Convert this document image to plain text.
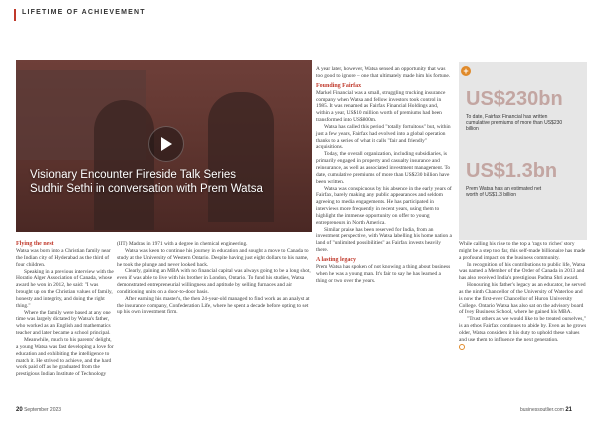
LIFETIME OF ACHIEVEMENT
Visionary Encounter Fireside Talk Series
Sudhir Sethi in conversation with Prem Watsa
Flying the nest

Watsa was born into a Christian family near the Indian city of Hyderabad as the third of four children.

Speaking in a previous interview with the Horatio Alger Association of Canada, whose award he won in 2012, he said: "I was brought up on the Christian values of family, honesty and integrity, and doing the right thing."

Where the family were based at any one time was largely dictated by Watsa's father, who worked as an English and mathematics teacher and later became a school principal.

Meanwhile, much to his parents' delight, a young Watsa was fast developing a love for education and exhibiting the intelligence to match it. He strived to achieve, and the hard work paid off as he graduated from the prestigious Indian Institute of Technology

(IIT) Madras in 1971 with a degree in chemical engineering.

Watsa was keen to continue his journey in education and sought a move to Canada to study at the University of Western Ontario. Despite having just eight dollars to his name, he took the plunge and never looked back.

Clearly, gaining an MBA with no financial capital was always going to be a long shot, even if was able to live with his brother in London, Ontario. To fund his studies, Watsa demonstrated entrepreneurial willingness and aptitude by selling furnaces and air conditioning units on a door-to-door basis.

After earning his master's, the then 24-year-old managed to find work as an analyst at the insurance company, Confederation Life, where he spent a decade before opting to set up his own investment firm.

A year later, however, Watsa sensed an opportunity that was too good to ignore – one that ultimately made him his fortune.

Founding Fairfax

Markel Financial was a small, struggling trucking insurance company when Watsa and fellow investors took control in 1985. It was renamed as Fairfax Financial Holdings and, within a year, US$10 million worth of premiums had been transformed into US$800m.

Watsa has called this period "totally fortuitous" but, within just a few years, Fairfax had evolved into a global operation thanks to a series of what it calls "fair and friendly" acquisitions.

Today, the overall organization, including subsidiaries, is primarily engaged in property and casualty insurance and reinsurance, as well as associated investment management. To date, cumulative premiums of more than US$230 billion have been written.

Watsa was conspicuous by his absence in the early years of Fairfax, barely making any public appearances and seldom agreeing to media engagements. He has participated in interviews more frequently in recent years, using them to highlight the immense opportunity on offer to young entrepreneurs in North America.

Similar praise has been reserved for India, from an investment perspective, with Watsa labelling his home nation a land of "unlimited possibilities" as Fairfax invests heavily there.

A lasting legacy

Prem Watsa has spoken of not knowing a thing about business when he was a young man. It's fair to say he has learned a thing or two over the years.

+
US$230bn
To date, Fairfax Financial has written cumulative premiums of more than US$230 billion
US$1.3bn
Prem Watsa has an estimated net worth of US$1.3 billion

While calling his rise to the top a 'rags to riches' story might be a step too far, this self-made billionaire has made a profound impact on the business community.

In recognition of his contributions to public life, Watsa was named a Member of the Order of Canada in 2013 and has also received India's prestigious Padma Shri award.

Honouring his father's legacy as an educator, he served as the ninth Chancellor of the University of Waterloo and is now the first-ever Chancellor of Huron University College. Ontario Watsa has also sat on the advisory board of Ivey Business School, where he gained his MBA.

"Trust others as we would like to be treated ourselves," is an ethos Fairfax continues to abide by. Even as he grows older, Watsa considers it his duty to uphold these values and use them to influence the next generation.

20 September 2023	businessoutlier.com 21
